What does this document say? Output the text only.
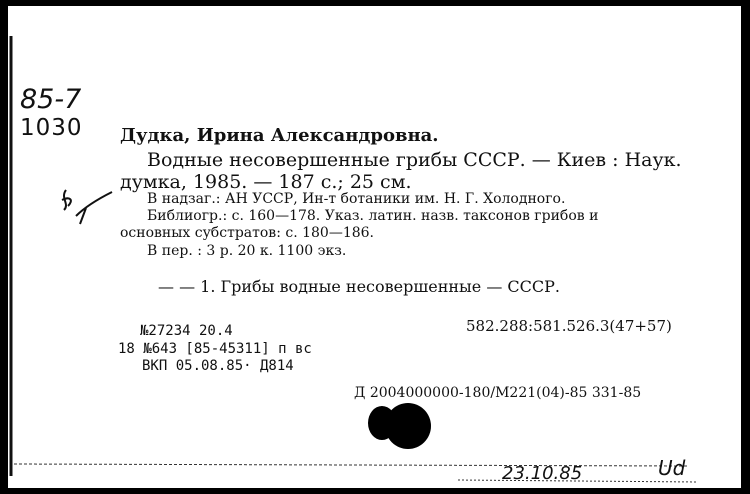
85-7
1030 Дудка, Ирина Александровна.
Водные несовершенные грибы СССР. — Киев : Наук.
думка, 1985. — 187 с.; 25 см.
В надзаг.: АН УССР, Ин-т ботаники им. Н. Г. Холодного.
Библиогр.: с. 160—178. Указ. латин. назв. таксонов грибов и
основных субстратов: с. 180—186.
В пер. : 3 р. 20 к. 1100 экз.
— — 1. Грибы водные несовершенные — СССР.
№27234 20.4	582.288:581.526.3(47+57)
18 №643 [85-45311] п вс
ВКП 05.08.85· Д814
Д 2004000000-180/М221(04)-85 331-85
23.10.85	Ud
